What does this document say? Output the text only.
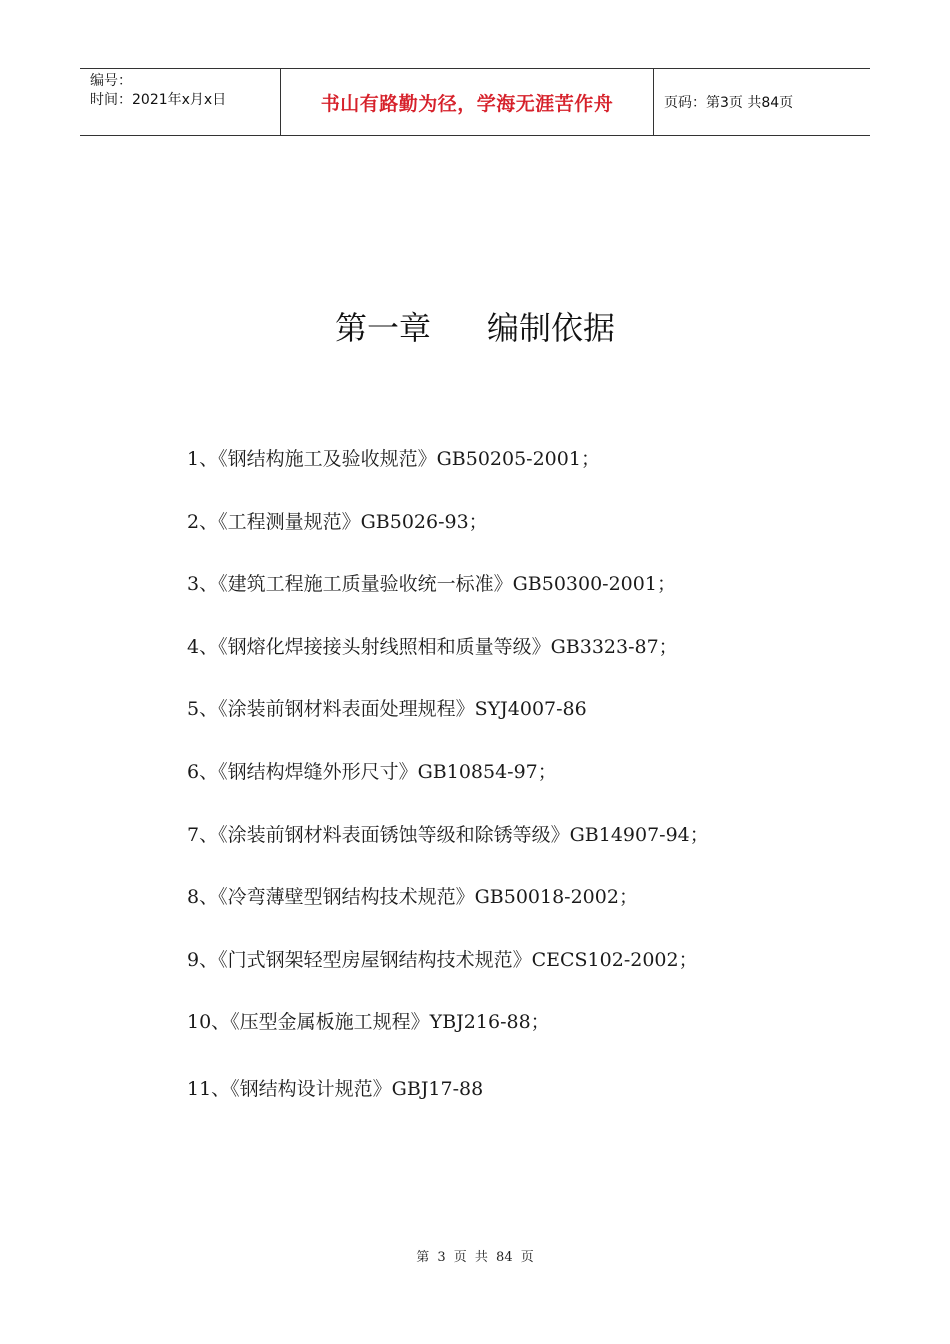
编号：
时间：2021年x月x日	书山有路勤为径，学海无涯苦作舟	页码：第3页 共84页
第一章 编制依据
1、《钢结构施工及验收规范》GB50205-2001；
2、《工程测量规范》GB5026-93；
3、《建筑工程施工质量验收统一标准》GB50300-2001；
4、《钢熔化焊接接头射线照相和质量等级》GB3323-87；
5、《涂装前钢材料表面处理规程》SYJ4007-86
6、《钢结构焊缝外形尺寸》GB10854-97；
7、《涂装前钢材料表面锈蚀等级和除锈等级》GB14907-94；
8、《冷弯薄壁型钢结构技术规范》GB50018-2002；
9、《门式钢架轻型房屋钢结构技术规范》CECS102-2002；
10、《压型金属板施工规程》YBJ216-88；
11、《钢结构设计规范》GBJ17-88
第 3 页 共 84 页
